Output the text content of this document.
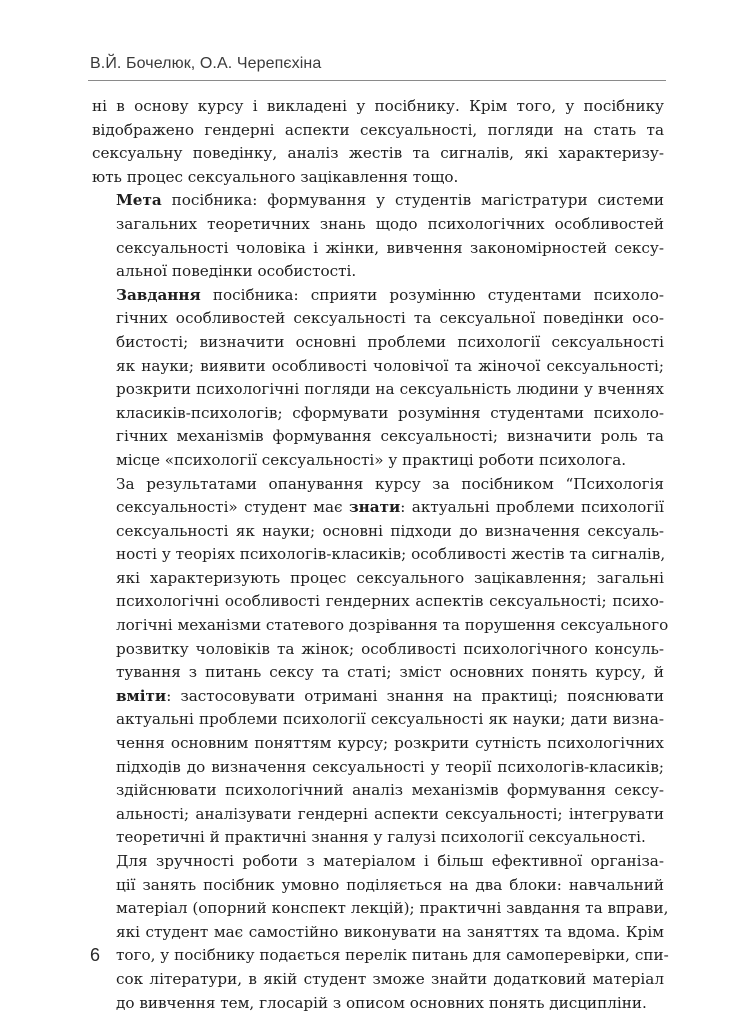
В.Й. Бочелюк, О.А. Черепєхіна

ні в основу курсу і викладені у посібнику. Крім того, у посібнику
відображено гендерні аспекти сексуальності, погляди на стать та
сексуальну поведінку, аналіз жестів та сигналів, які характеризу-
ють процес сексуального зацікавлення тощо.

Мета посібника: формування у студентів магістратури системи
загальних теоретичних знань щодо психологічних особливостей
сексуальності чоловіка і жінки, вивчення закономірностей сексу-
альної поведінки особистості.

Завдання посібника: сприяти розумінню студентами психоло-
гічних особливостей сексуальності та сексуальної поведінки осо-
бистості; визначити основні проблеми психології сексуальності
як науки; виявити особливості чоловічої та жіночої сексуальності;
розкрити психологічні погляди на сексуальність людини у вченнях
класиків-психологів; сформувати розуміння студентами психоло-
гічних механізмів формування сексуальності; визначити роль та
місце «психології сексуальності» у практиці роботи психолога.

За результатами опанування курсу за посібником “Психологія
сексуальності» студент має знати: актуальні проблеми психології
сексуальності як науки; основні підходи до визначення сексуаль-
ності у теоріях психологів-класиків; особливості жестів та сигналів,
які характеризують процес сексуального зацікавлення; загальні
психологічні особливості гендерних аспектів сексуальності; психо-
логічні механізми статевого дозрівання та порушення сексуального
розвитку чоловіків та жінок; особливості психологічного консуль-
тування з питань сексу та статі; зміст основних понять курсу, й
вміти: застосовувати отримані знання на практиці; пояснювати
актуальні проблеми психології сексуальності як науки; дати визна-
чення основним поняттям курсу; розкрити сутність психологічних
підходів до визначення сексуальності у теорії психологів-класиків;
здійснювати психологічний аналіз механізмів формування сексу-
альності; аналізувати гендерні аспекти сексуальності; інтегрувати
теоретичні й практичні знання у галузі психології сексуальності.

Для зручності роботи з матеріалом і більш ефективної організа-
ції занять посібник умовно поділяється на два блоки: навчальний
матеріал (опорний конспект лекцій); практичні завдання та вправи,
які студент має самостійно виконувати на заняттях та вдома. Крім
того, у посібнику подається перелік питань для самоперевірки, спи-
сок літератури, в якій студент зможе знайти додатковий матеріал
до вивчення тем, глосарій з описом основних понять дисципліни.

6
